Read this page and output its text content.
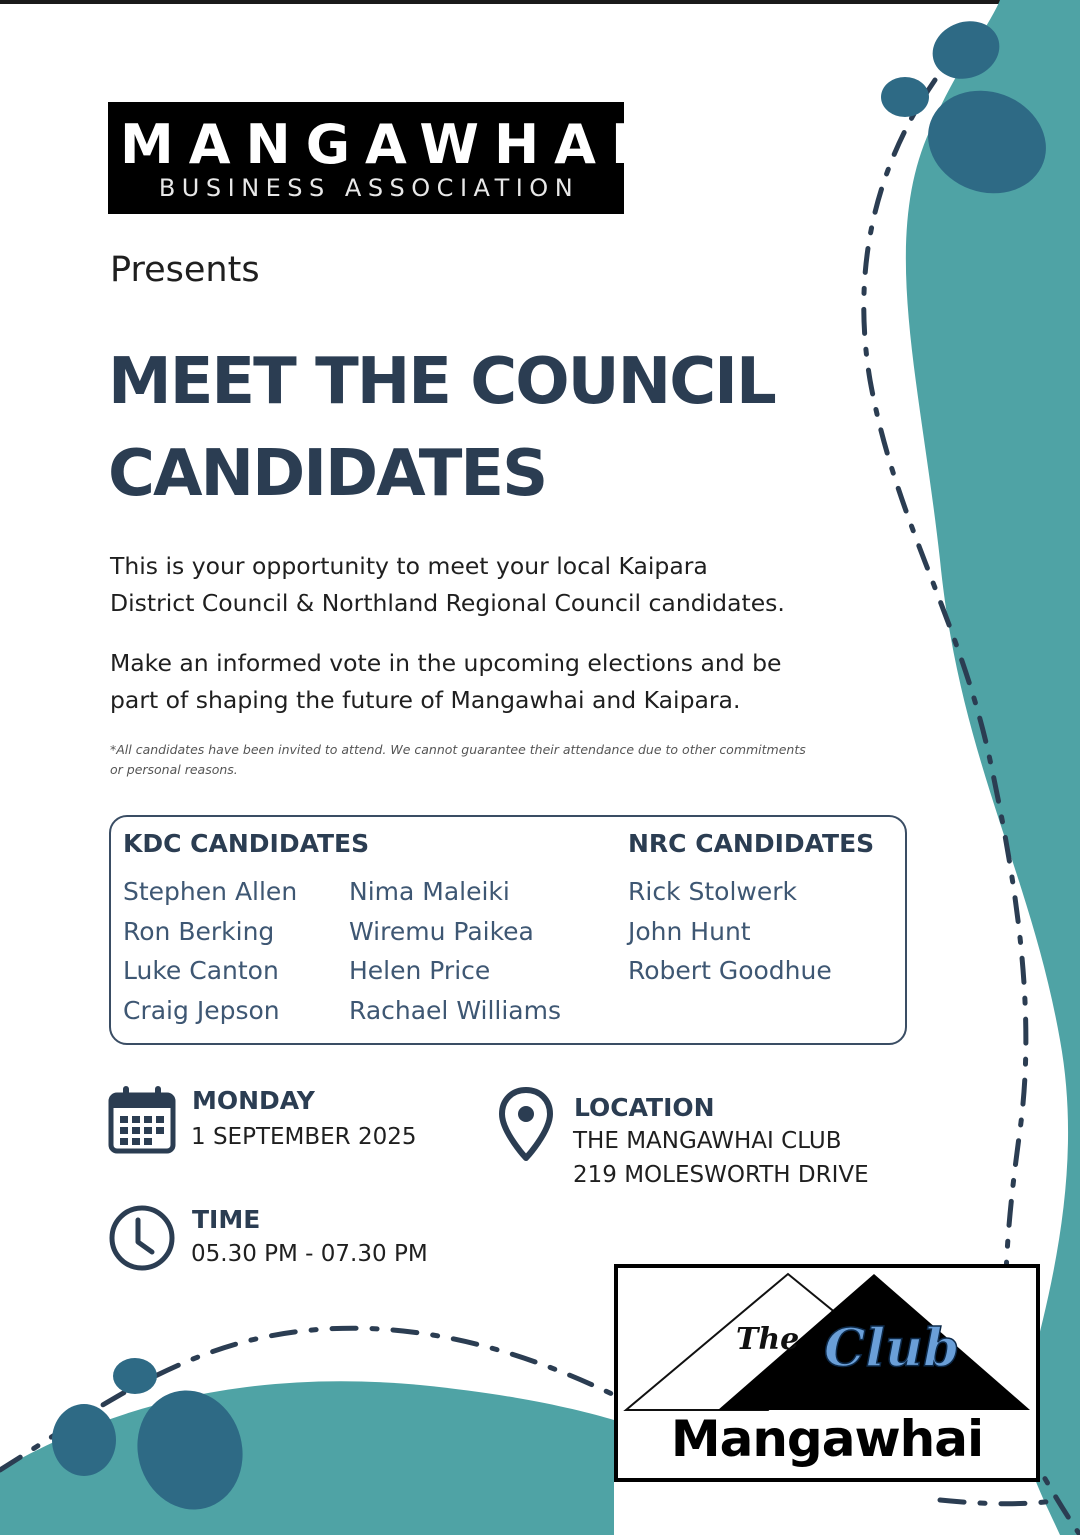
MANGAWHAI
BUSINESS ASSOCIATION
Presents
MEET THE COUNCIL
CANDIDATES
This is your opportunity to meet your local Kaipara
District Council & Northland Regional Council candidates.
Make an informed vote in the upcoming elections and be
part of shaping the future of Mangawhai and Kaipara.
*All candidates have been invited to attend. We cannot guarantee their attendance due to other commitments
or personal reasons.
KDC CANDIDATES	NRC CANDIDATES
Stephen Allen
Ron Berking
Luke Canton
Craig Jepson
Nima Maleiki
Wiremu Paikea
Helen Price
Rachael Williams
Rick Stolwerk
John Hunt
Robert Goodhue
MONDAY
1 SEPTEMBER 2025
LOCATION
THE MANGAWHAI CLUB
219 MOLESWORTH DRIVE
TIME
05.30 PM - 07.30 PM
The Club
Mangawhai
